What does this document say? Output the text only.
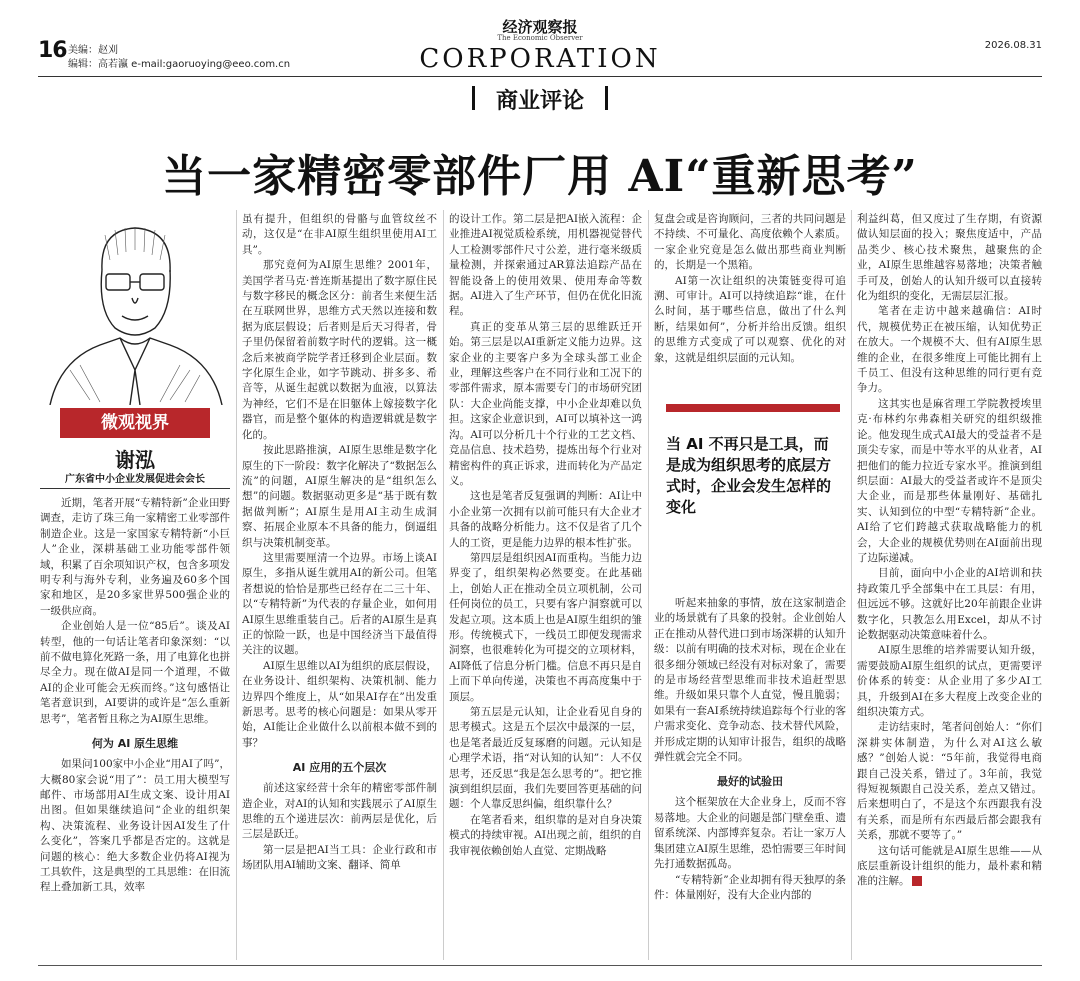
16 美编：赵刈
编辑：高若瀛 e-mail:gaoruoying@eeo.com.cn
经济观察报
The Economic Observer
CORPORATION	2026.08.31
商业评论
当一家精密零部件厂用 AI“重新思考”
微观视界
谢泓
广东省中小企业发展促进会会长

近期，笔者开展“专精特新”企业田野调查，走访了珠三角一家精密工业零部件制造企业。这是一家国家专精特新“小巨人”企业，深耕基础工业功能零部件领域，积累了百余项知识产权，包含多项发明专利与海外专利，业务遍及60多个国家和地区，是20多家世界500强企业的一级供应商。

企业创始人是一位“85后”。谈及AI转型，他的一句话让笔者印象深刻：“以前不做电算化死路一条，用了电算化也拼尽全力。现在做AI是同一个道理，不做AI的企业可能会无疾而终。”这句感悟让笔者意识到，AI要讲的或许是“怎么重新思考”，笔者暂且称之为AI原生思维。

何为 AI 原生思维

如果问100家中小企业“用AI了吗”，大概80家会说“用了”：员工用大模型写邮件、市场部用AI生成文案、设计用AI出图。但如果继续追问“企业的组织架构、决策流程、业务设计因AI发生了什么变化”，答案几乎都是否定的。这就是问题的核心：绝大多数企业仍将AI视为工具软件，这是典型的工具思维：在旧流程上叠加新工具，效率

虽有提升，但组织的骨骼与血管纹丝不动，这仅是“在非AI原生组织里使用AI工具”。

那究竟何为AI原生思维？2001年，美国学者马克·普连斯基提出了数字原住民与数字移民的概念区分：前者生来便生活在互联网世界，思维方式天然以连接和数据为底层假设；后者则是后天习得者，骨子里仍保留着前数字时代的逻辑。这一概念后来被商学院学者迁移到企业层面。数字化原生企业，如字节跳动、拼多多、希音等，从诞生起就以数据为血液，以算法为神经，它们不是在旧躯体上嫁接数字化器官，而是整个躯体的构造逻辑就是数字化的。

按此思路推演，AI原生思维是数字化原生的下一阶段：数字化解决了“数据怎么流”的问题，AI原生解决的是“组织怎么想”的问题。数据驱动更多是“基于既有数据做判断”；AI原生是用AI主动生成洞察、拓展企业原本不具备的能力，倒逼组织与决策机制变革。

这里需要厘清一个边界。市场上谈AI原生，多指从诞生就用AI的新公司。但笔者想说的恰恰是那些已经存在二三十年、以“专精特新”为代表的存量企业，如何用AI原生思维重装自己。后者的AI原生是真正的惊险一跃，也是中国经济当下最值得关注的议题。

AI原生思维以AI为组织的底层假设，在业务设计、组织架构、决策机制、能力边界四个维度上，从“如果AI存在”出发重新思考。思考的核心问题是：如果从零开始，AI能让企业做什么以前根本做不到的事？

AI 应用的五个层次

前述这家经营十余年的精密零部件制造企业，对AI的认知和实践展示了AI原生思维的五个递进层次：前两层是优化，后三层是跃迁。

第一层是把AI当工具：企业行政和市场团队用AI辅助文案、翻译、简单

的设计工作。第二层是把AI嵌入流程：企业推进AI视觉质检系统，用机器视觉替代人工检测零部件尺寸公差，进行毫米级质量检测，并探索通过AR算法追踪产品在智能设备上的使用效果、使用寿命等数据。AI进入了生产环节，但仍在优化旧流程。

真正的变革从第三层的思维跃迁开始。第三层是以AI重新定义能力边界。这家企业的主要客户多为全球头部工业企业，理解这些客户在不同行业和工况下的零部件需求，原本需要专门的市场研究团队：大企业尚能支撑，中小企业却难以负担。这家企业意识到，AI可以填补这一鸿沟。AI可以分析几十个行业的工艺文档、竞品信息、技术趋势，提炼出每个行业对精密构件的真正诉求，进而转化为产品定义。

这也是笔者反复强调的判断：AI让中小企业第一次拥有以前可能只有大企业才具备的战略分析能力。这不仅是省了几个人的工资，更是能力边界的根本性扩张。

第四层是组织因AI而重构。当能力边界变了，组织架构必然要变。在此基础上，创始人正在推动全员立项机制，公司任何岗位的员工，只要有客户洞察就可以发起立项。这本质上也是AI原生组织的雏形。传统模式下，一线员工即便发现需求洞察，也很难转化为可提交的立项材料，AI降低了信息分析门槛。信息不再只是自上而下单向传递，决策也不再高度集中于顶层。

第五层是元认知，让企业看见自身的思考模式。这是五个层次中最深的一层，也是笔者最近反复琢磨的问题。元认知是心理学术语，指“对认知的认知”：人不仅思考，还反思“我是怎么思考的”。把它推演到组织层面，我们先要回答更基础的问题：个人靠反思纠偏，组织靠什么？

在笔者看来，组织靠的是对自身决策模式的持续审视。AI出现之前，组织的自我审视依赖创始人直觉、定期战略

复盘会或是咨询顾问，三者的共同问题是不持续、不可量化、高度依赖个人素质。一家企业究竟是怎么做出那些商业判断的，长期是一个黑箱。

AI第一次让组织的决策链变得可追溯、可审计。AI可以持续追踪“谁，在什么时间，基于哪些信息，做出了什么判断，结果如何”，分析并给出反馈。组织的思维方式变成了可以观察、优化的对象，这就是组织层面的元认知。

当 AI 不再只是工具，而是成为组织思考的底层方式时，企业会发生怎样的变化

听起来抽象的事情，放在这家制造企业的场景就有了具象的投射。企业创始人正在推动从替代进口到市场深耕的认知升级：以前有明确的技术对标，现在企业在很多细分领域已经没有对标对象了，需要的是市场经营型思维而非技术追赶型思维。升级如果只靠个人直觉，慢且脆弱；如果有一套AI系统持续追踪每个行业的客户需求变化、竞争动态、技术替代风险，并形成定期的认知审计报告，组织的战略弹性就会完全不同。

最好的试验田

这个框架放在大企业身上，反而不容易落地。大企业的问题是部门壁垒重、遗留系统深、内部博弈复杂。若让一家万人集团建立AI原生思维，恐怕需要三年时间先打通数据孤岛。

“专精特新”企业却拥有得天独厚的条件：体量刚好，没有大企业内部的

利益纠葛，但又度过了生存期，有资源做认知层面的投入；聚焦度适中，产品品类少、核心技术聚焦，越聚焦的企业，AI原生思维越容易落地；决策者触手可及，创始人的认知升级可以直接转化为组织的变化，无需层层汇报。

笔者在走访中越来越确信：AI时代，规模优势正在被压缩，认知优势正在放大。一个规模不大、但有AI原生思维的企业，在很多维度上可能比拥有上千员工、但没有这种思维的同行更有竞争力。

这其实也是麻省理工学院教授埃里克·布林约尔弗森相关研究的组织级推论。他发现生成式AI最大的受益者不是顶尖专家，而是中等水平的从业者，AI把他们的能力拉近专家水平。推演到组织层面：AI最大的受益者或许不是顶尖大企业，而是那些体量刚好、基础扎实、认知到位的中型“专精特新”企业。AI给了它们跨越式获取战略能力的机会，大企业的规模优势则在AI面前出现了边际递减。

目前，面向中小企业的AI培训和扶持政策几乎全部集中在工具层：有用，但远远不够。这就好比20年前跟企业讲数字化，只教怎么用Excel，却从不讨论数据驱动决策意味着什么。

AI原生思维的培养需要认知升级，需要鼓励AI原生组织的试点，更需要评价体系的转变：从企业用了多少AI工具，升级到AI在多大程度上改变企业的组织决策方式。

走访结束时，笔者问创始人：“你们深耕实体制造，为什么对AI这么敏感？”创始人说：“5年前，我觉得电商跟自己没关系，错过了。3年前，我觉得短视频跟自己没关系，差点又错过。后来想明白了，不是这个东西跟我有没有关系，而是所有东西最后都会跟我有关系，那就不要等了。”

这句话可能就是AI原生思维——从底层重新设计组织的能力，最朴素和精准的注解。
